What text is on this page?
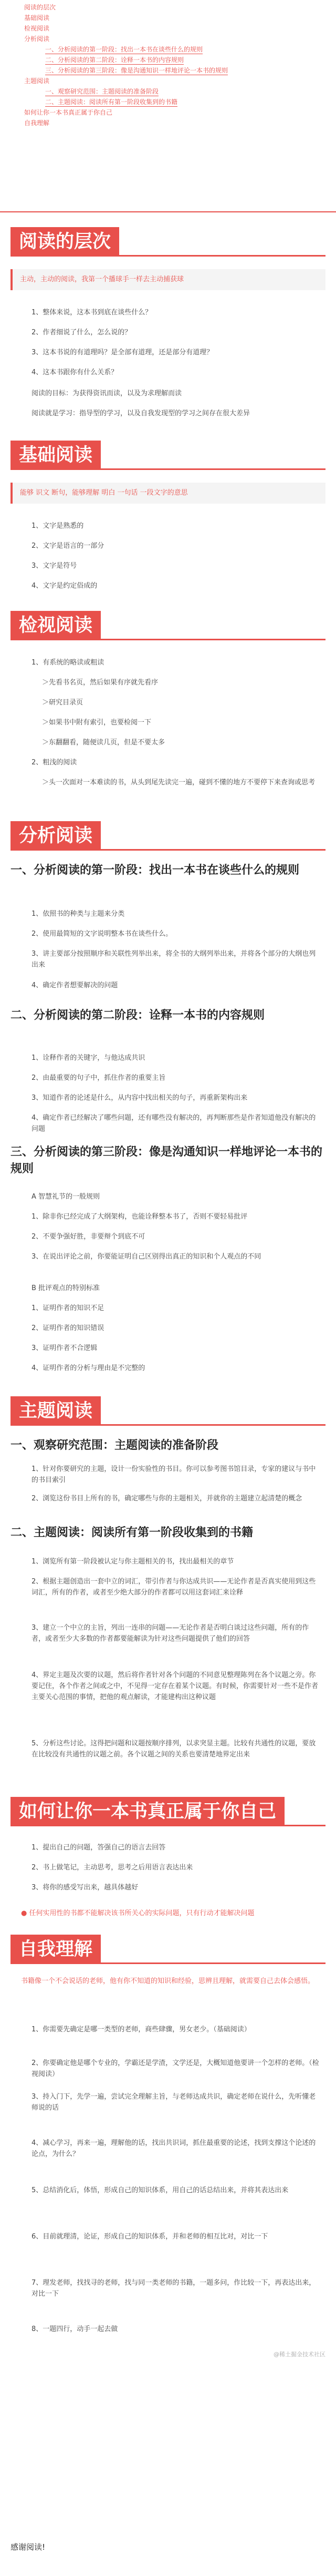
阅读的层次
基础阅读
检视阅读
分析阅读
一、分析阅读的第一阶段：找出一本书在谈些什么的规则
二、分析阅读的第二阶段：诠释一本书的内容规则
三、分析阅读的第三阶段：像是沟通知识一样地评论一本书的规则
主题阅读
一、观察研究范围：主题阅读的准备阶段
二、主题阅读：阅读所有第一阶段收集到的书籍
如何让你一本书真正属于你自己
自我理解
阅读的层次
主动，主动的阅读，我第一个播球手一样去主动捕获球
1、整体来说，这本书到底在谈些什么？
2、作者细说了什么，怎么说的？
3、这本书说的有道理吗？是全部有道理，还是部分有道理？
4、这本书跟你有什么关系？
阅读的目标：为获得资讯而读，以及为求理解而读
阅读就是学习：指导型的学习，以及自我发现型的学习之间存在很大差异
基础阅读
能够 识文 断句，能够理解 明白 一句话 一段文字的意思
1、文字是熟悉的
2、文字是语言的一部分
3、文字是符号
4、文字是约定俗成的
检视阅读
1、有系统的略读或粗读
＞先看书名页，然后如果有序就先看序
＞研究目录页
＞如果书中附有索引，也要检阅一下
＞东翻翻看，随便读几页，但是不要太多
2、粗浅的阅读
＞头一次面对一本难读的书，从头到尾先读完一遍，碰到不懂的地方不要停下来查询或思考
分析阅读
一、分析阅读的第一阶段：找出一本书在谈些什么的规则
1、依照书的种类与主题来分类
2、使用最简短的文字说明整本书在谈些什么。
3、讲主要部分按照顺序和关联性列举出来，将全书的大纲列举出来，并将各个部分的大纲也列出来
4、确定作者想要解决的问题
二、分析阅读的第二阶段：诠释一本书的内容规则
1、诠释作者的关键字，与他达成共识
2、由最重要的句子中，抓住作者的重要主旨
3、知道作者的论述是什么，从内容中找出相关的句子，再重新架构出来
4、确定作者已经解决了哪些问题，还有哪些没有解决的，再判断那些是作者知道他没有解决的问题
三、分析阅读的第三阶段：像是沟通知识一样地评论一本书的规则
A 智慧礼节的一般规则
1、除非你已经完成了大纲架构，也能诠释整本书了，否则不要轻易批评
2、不要争强好胜，非要辩个到底不可
3、在说出评论之前，你要能证明自己区别得出真正的知识和个人观点的不同
B 批评观点的特别标准
1、证明作者的知识不足
2、证明作者的知识错误
3、证明作者不合逻辑
4、证明作者的分析与理由是不完整的
主题阅读
一、观察研究范围：主题阅读的准备阶段
1、针对你要研究的主题，设计一份实验性的书目。你可以参考图书馆目录，专家的建议与书中的书目索引
2、浏览这份书目上所有的书，确定哪些与你的主题相关，并就你的主题建立起清楚的概念
二、主题阅读：阅读所有第一阶段收集到的书籍
1、浏览所有第一阶段被认定与你主题相关的书，找出最相关的章节
2、根据主题创造出一套中立的词汇，带引作者与你达成共识——无论作者是否真实使用到这些词汇，所有的作者，或者至少绝大部分的作者都可以用这套词汇来诠释
3、建立一个中立的主旨，列出一连串的问题——无论作者是否明白谈过这些问题，所有的作者，或者至少大多数的作者都要能解读为针对这些问题提供了他们的回答
4、界定主题及次要的议题，然后将作者针对各个问题的不同意见整理陈列在各个议题之旁。你要记住，各个作者之间或之中，不见得一定存在着某个议题。有时候，你需要针对一些不是作者主要关心范围的事情，把他的观点解读，才能建构出这种议题
5、分析这些讨论。这得把问题和议题按顺序排列，以求突显主题。比较有共通性的议题，要放在比较没有共通性的议题之前。各个议题之间的关系也要清楚地界定出来
如何让你一本书真正属于你自己
1、提出自己的问题，答强自己的语言去回答
2、书上做笔记，主动思考，思考之后用语言表达出来
3、将你的感受写出来，越具体越好
● 任何实用性的书都不能解决该书所关心的实际问题，只有行动才能解决问题
自我理解
书籍像一个不会说话的老师，他有你不知道的知识和经验，思辨且理解，就需要自己去体会感悟。
1、你需要先确定是哪一类型的老师，商些肆骤，男女老少。（基础阅读）
2、你要确定他是哪个专业的，学霸还是学渣，文学还是，大概知道他要讲一个怎样的老师。（检视阅读）
3、持入门下，先学一遍，尝试完全理解主旨，与老师达成共识，确定老师在说什么，先听懂老师说的话
4、减心学习，再来一遍，理解他的话，找出共识词，抓住最重要的论述，找到支撑这个论述的论点，为什么？
5、总结消化后，体悟，形成自己的知识体系，用自己的话总结出来，并将其表达出来
6、目前就理清，论证，形成自己的知识体系，并和老师的相互比对，对比一下
7、理发老师，找找寻的老师，找与同一类老师的书籍，一题多问，作比较一下，再表达出来，对比一下
8、一题四行，动手一起去做
@稀土掘金技术社区
感谢阅读!
